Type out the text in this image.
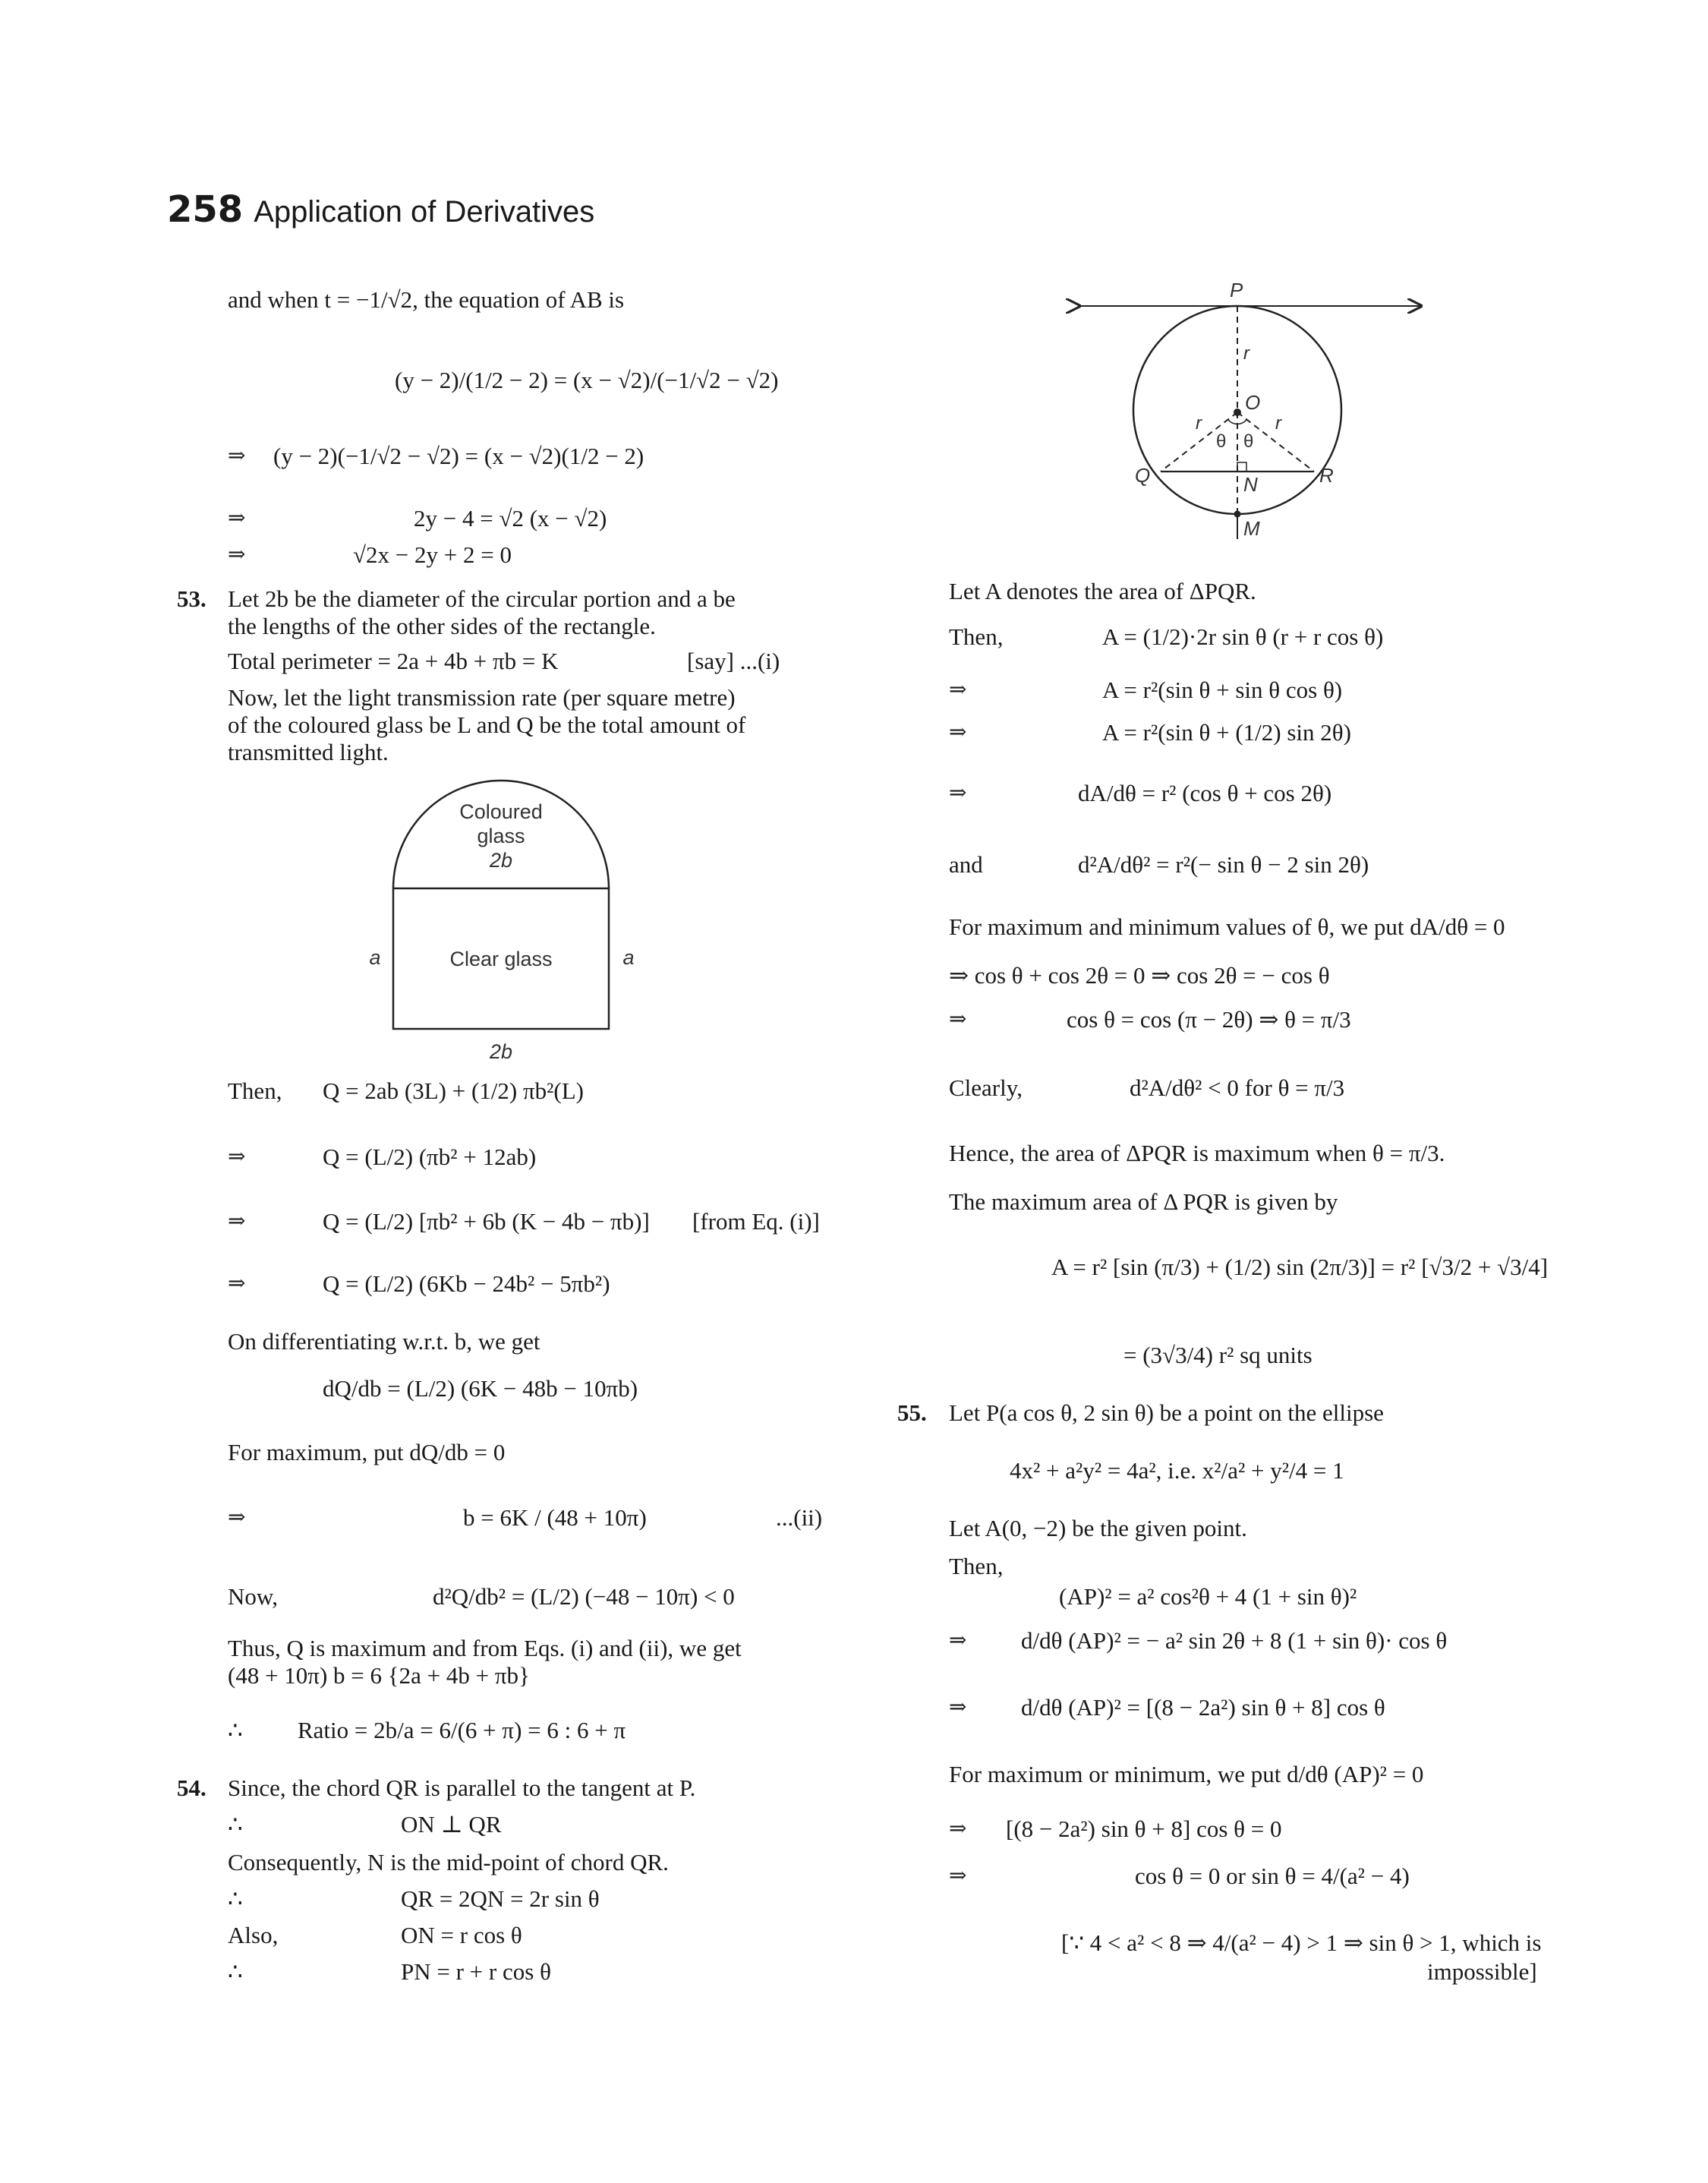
258 Application of Derivatives
and when t = −1/√2, the equation of AB is
(y − 2)/(1/2 − 2) = (x − √2)/(−1/√2 − √2)
⇒ (y − 2)(−1/√2 − √2) = (x − √2)(1/2 − 2)
⇒	2y − 4 = √2 (x − √2)
⇒	√2x − 2y + 2 = 0
53. Let 2b be the diameter of the circular portion and a be
the lengths of the other sides of the rectangle.
Total perimeter = 2a + 4b + πb = K	[say] ...(i)
Now, let the light transmission rate (per square metre)
of the coloured glass be L and Q be the total amount of
transmitted light.
Coloured
glass
2b
Clear glass
a	a
2b
Then, Q = 2ab (3L) + (1/2) πb²(L)
⇒	Q = (L/2) (πb² + 12ab)
⇒	Q = (L/2) [πb² + 6b (K − 4b − πb)] [from Eq. (i)]
⇒	Q = (L/2) (6Kb − 24b² − 5πb²)
On differentiating w.r.t. b, we get
dQ/db = (L/2) (6K − 48b − 10πb)
For maximum, put dQ/db = 0
⇒	b = 6K / (48 + 10π)	...(ii)
Now,	d²Q/db² = (L/2) (−48 − 10π) < 0
Thus, Q is maximum and from Eqs. (i) and (ii), we get
(48 + 10π) b = 6 {2a + 4b + πb}
∴ Ratio = 2b/a = 6/(6 + π) = 6 : 6 + π
54. Since, the chord QR is parallel to the tangent at P.
∴	ON ⊥ QR
Consequently, N is the mid-point of chord QR.
∴	QR = 2QN = 2r sin θ
Also,	ON = r cos θ
∴	PN = r + r cos θ
P
O
Q	R
N
M
r
r	r
θ θ
Let A denotes the area of ΔPQR.
Then,	A = (1/2)·2r sin θ (r + r cos θ)
⇒	A = r²(sin θ + sin θ cos θ)
⇒	A = r²(sin θ + (1/2) sin 2θ)
⇒	dA/dθ = r² (cos θ + cos 2θ)
and	d²A/dθ² = r²(− sin θ − 2 sin 2θ)
For maximum and minimum values of θ, we put dA/dθ = 0
⇒ cos θ + cos 2θ = 0 ⇒ cos 2θ = − cos θ
⇒	cos θ = cos (π − 2θ) ⇒ θ = π/3
Clearly,	d²A/dθ² < 0 for θ = π/3
Hence, the area of ΔPQR is maximum when θ = π/3.
The maximum area of Δ PQR is given by
A = r² [sin (π/3) + (1/2) sin (2π/3)] = r² [√3/2 + √3/4]
= (3√3/4) r² sq units
55. Let P(a cos θ, 2 sin θ) be a point on the ellipse
4x² + a²y² = 4a², i.e. x²/a² + y²/4 = 1
Let A(0, −2) be the given point.
Then,
(AP)² = a² cos²θ + 4 (1 + sin θ)²
⇒ d/dθ (AP)² = − a² sin 2θ + 8 (1 + sin θ)· cos θ
⇒ d/dθ (AP)² = [(8 − 2a²) sin θ + 8] cos θ
For maximum or minimum, we put d/dθ (AP)² = 0
⇒ [(8 − 2a²) sin θ + 8] cos θ = 0
⇒	cos θ = 0 or sin θ = 4/(a² − 4)
[∵ 4 < a² < 8 ⇒ 4/(a² − 4) > 1 ⇒ sin θ > 1, which is
impossible]
